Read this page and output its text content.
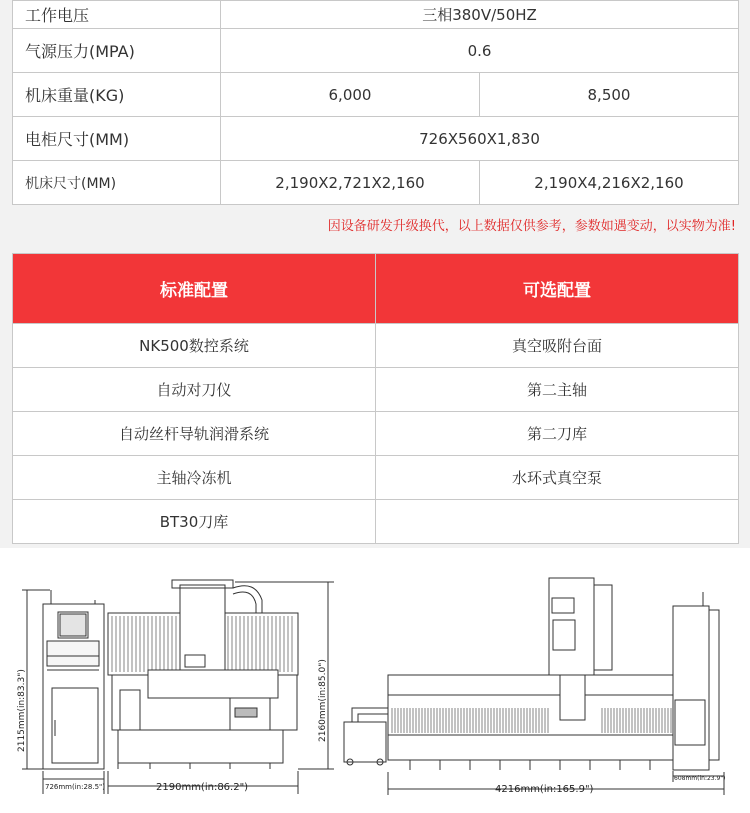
工作电压	三相380V/50HZ	
气源压力(MPA)	0.6	
机床重量(KG)	6,000	8,500
电柜尺寸(MM)	726X560X1,830	
机床尺寸(MM)	2,190X2,721X2,160	2,190X4,216X2,160
因设备研发升级换代，以上数据仅供参考，参数如遇变动，以实物为准!
标准配置	可选配置
NK500数控系统	真空吸附台面
自动对刀仪	第二主轴
自动丝杆导轨润滑系统	第二刀库
主轴冷冻机	水环式真空泵
BT30刀库	
2115mm(in:83.3")	2160mm(in:85.0")
726mm(in:28.5")	2190mm(in:86.2")	4216mm(in:165.9")
608mm(in:23.9")
